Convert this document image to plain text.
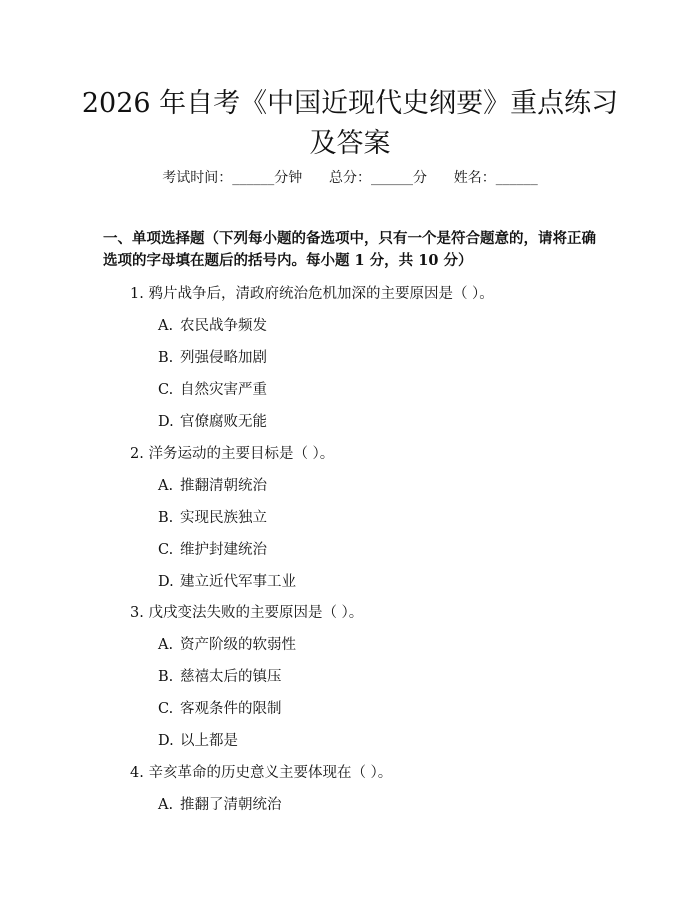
2026 年自考《中国近现代史纲要》重点练习
及答案
考试时间：______分钟      总分：______分      姓名：______

一、单项选择题（下列每小题的备选项中，只有一个是符合题意的，请将正确选项的字母填在题后的括号内。每小题 1 分，共 10 分）

1. 鸦片战争后，清政府统治危机加深的主要原因是（ ）。

A. 农民战争频发

B. 列强侵略加剧

C. 自然灾害严重

D. 官僚腐败无能

2. 洋务运动的主要目标是（ ）。

A. 推翻清朝统治

B. 实现民族独立

C. 维护封建统治

D. 建立近代军事工业

3. 戊戌变法失败的主要原因是（ ）。

A. 资产阶级的软弱性

B. 慈禧太后的镇压

C. 客观条件的限制

D. 以上都是

4. 辛亥革命的历史意义主要体现在（ ）。

A. 推翻了清朝统治
